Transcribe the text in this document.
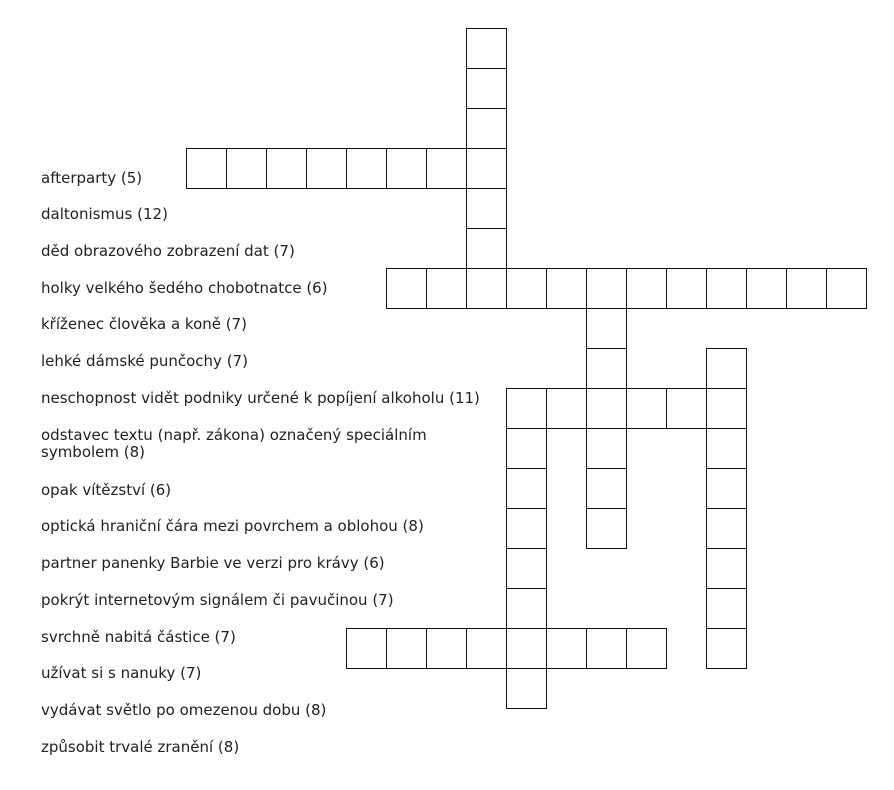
afterparty (5)
daltonismus (12)
děd obrazového zobrazení dat (7)
holky velkého šedého chobotnatce (6)
kříženec člověka a koně (7)
lehké dámské punčochy (7)
neschopnost vidět podniky určené k popíjení alkoholu (11)
odstavec textu (např. zákona) označený speciálním symbolem (8)
opak vítězství (6)
optická hraniční čára mezi povrchem a oblohou (8)
partner panenky Barbie ve verzi pro krávy (6)
pokrýt internetovým signálem či pavučinou (7)
svrchně nabitá částice (7)
užívat si s nanuky (7)
vydávat světlo po omezenou dobu (8)
způsobit trvalé zranění (8)
